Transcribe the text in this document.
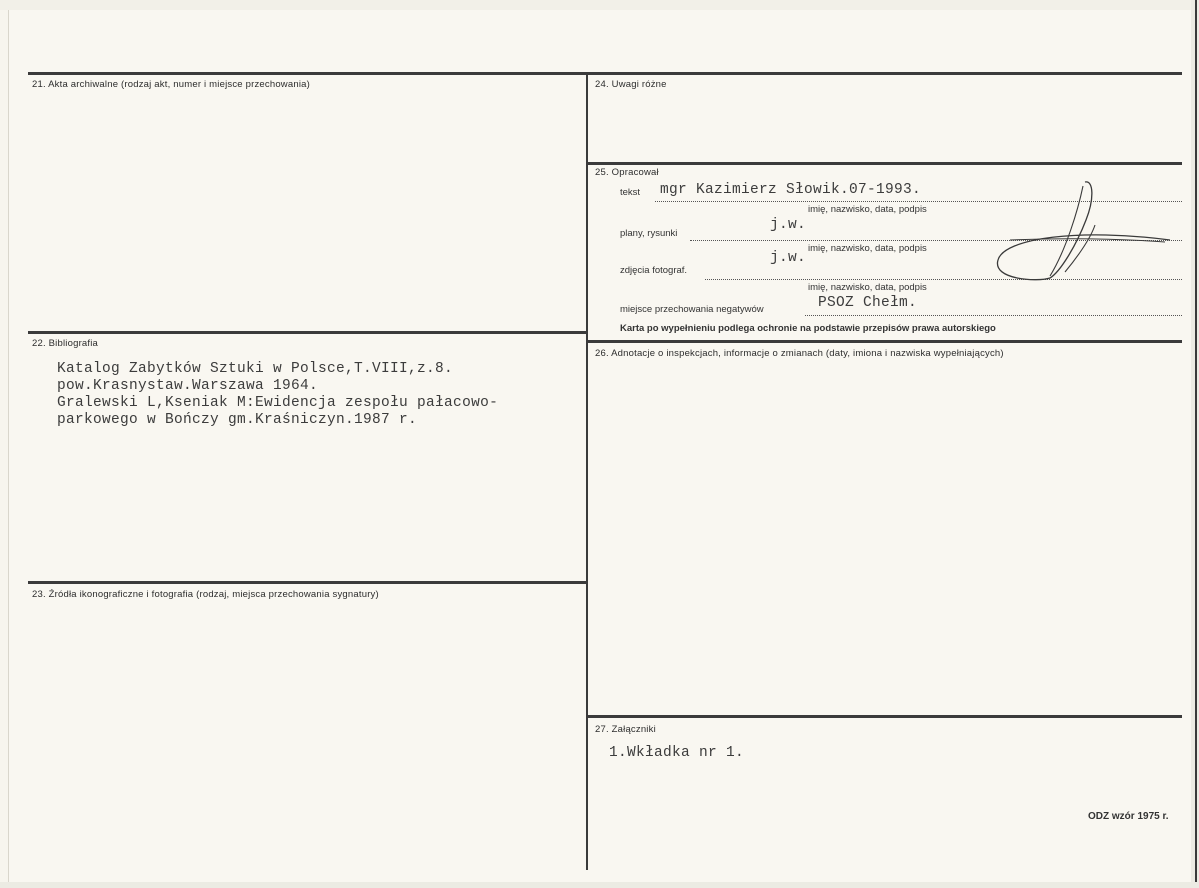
21. Akta archiwalne (rodzaj akt, numer i miejsce przechowania)
22. Bibliografia
Katalog Zabytków Sztuki w Polsce,T.VIII,z.8.
pow.Krasnystaw.Warszawa 1964.
Gralewski L,Kseniak M:Ewidencja zespołu pałacowo-
parkowego w Bończy gm.Kraśniczyn.1987 r.
23. Źródła ikonograficzne i fotografia (rodzaj, miejsca przechowania sygnatury)
24. Uwagi różne
25. Opracował
tekst mgr Kazimierz Słowik.07-1993.
imię, nazwisko, data, podpis
plany, rysunki
j.w.
imię, nazwisko, data, podpis
zdjęcia fotograf.
j.w.
imię, nazwisko, data, podpis
miejsce przechowania negatywów	PSOZ Chełm.
Karta po wypełnieniu podlega ochronie na podstawie przepisów prawa autorskiego
26. Adnotacje o inspekcjach, informacje o zmianach (daty, imiona i nazwiska wypełniających)
27. Załączniki
1.Wkładka nr 1.
ODZ wzór 1975 r.
